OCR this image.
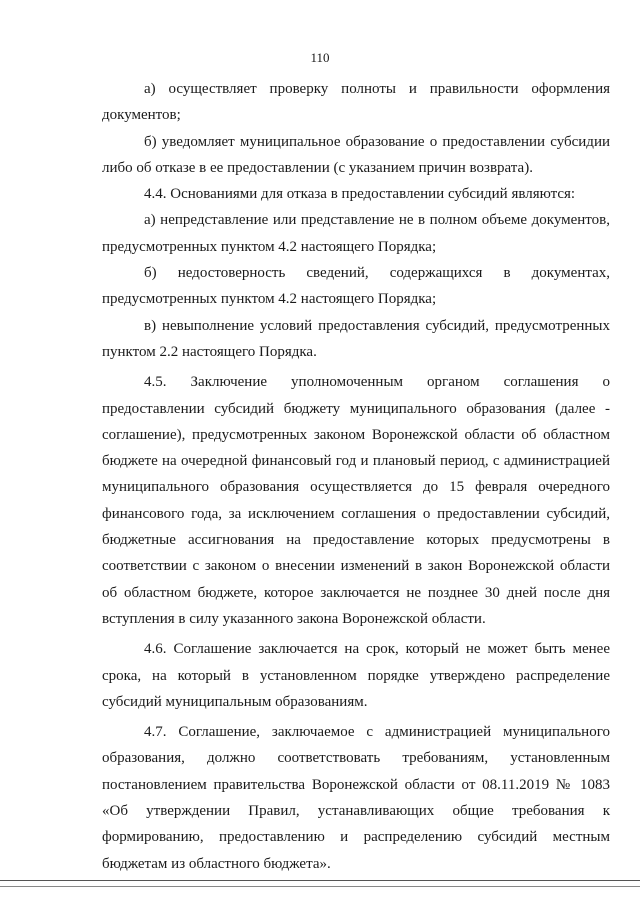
110

а) осуществляет проверку полноты и правильности оформления документов;

б) уведомляет муниципальное образование о предоставлении субсидии либо об отказе в ее предоставлении (с указанием причин возврата).

4.4. Основаниями для отказа в предоставлении субсидий являются:

а) непредставление или представление не в полном объеме документов, предусмотренных пунктом 4.2 настоящего Порядка;

б) недостоверность сведений, содержащихся в документах, предусмотренных пунктом 4.2 настоящего Порядка;

в) невыполнение условий предоставления субсидий, предусмотренных пунктом 2.2 настоящего Порядка.

4.5. Заключение уполномоченным органом соглашения о предоставлении субсидий бюджету муниципального образования (далее - соглашение), предусмотренных законом Воронежской области об областном бюджете на очередной финансовый год и плановый период, с администрацией муниципального образования осуществляется до 15 февраля очередного финансового года, за исключением соглашения о предоставлении субсидий, бюджетные ассигнования на предоставление которых предусмотрены в соответствии с законом о внесении изменений в закон Воронежской области об областном бюджете, которое заключается не позднее 30 дней после дня вступления в силу указанного закона Воронежской области.

4.6. Соглашение заключается на срок, который не может быть менее срока, на который в установленном порядке утверждено распределение субсидий муниципальным образованиям.

4.7. Соглашение, заключаемое с администрацией муниципального образования, должно соответствовать требованиям, установленным постановлением правительства Воронежской области от 08.11.2019 № 1083 «Об утверждении Правил, устанавливающих общие требования к формированию, предоставлению и распределению субсидий местным бюджетам из областного бюджета».
